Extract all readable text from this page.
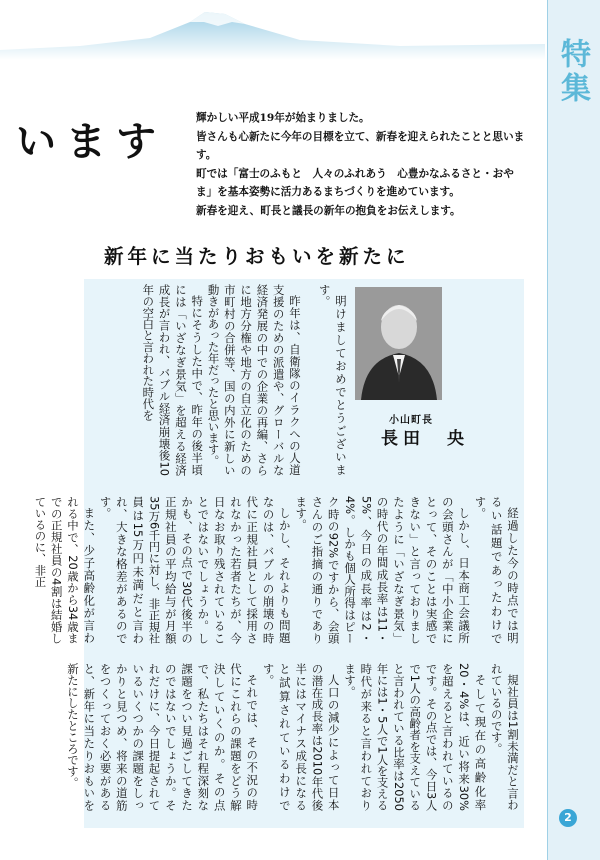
特集
います	輝かしい平成19年が始まりました。

皆さんも心新たに今年の目標を立て、新春を迎えられたことと思います。

町では「富士のふもと　人々のふれあう　心豊かなふるさと・おやま」を基本姿勢に活力あるまちづくりを進めています。

新春を迎え、町長と議長の新年の抱負をお伝えします。

新年に当たりおもいを新たに

明けましておめでとうございます。

昨年は、自衛隊のイラクへの人道支援のための派遣や、グローバルな経済発展の中での企業の再編、さらに地方分権や地方の自立化のための市町村の合併等、国の内外に新しい動きがあった年だったと思います。

特にそうした中で、昨年の後半頃には「いざなぎ景気」を超える経済成長が言われ、バブル経済崩壊後10年の空白と言われた時代を	小山町長
長田　央

経過した今の時点では明るい話題であったわけです。

しかし、日本商工会議所の会頭さんが「中小企業にとって、そのことは実感できない」と言っておりましたように「いざなぎ景気」の時代の年間成長率は11・5%、今日の成長率は2・4%。しかも個人所得はピーク時の92%ですから、会頭さんのご指摘の通りであります。

しかし、それよりも問題なのは、バブルの崩壊の時代に正規社員として採用されなかった若者たちが、今日なお取り残されていることではないでしょうか。しかも、その点で30代後半の正規社員の平均給与が月額35万6千円に対し、非正規社員は15万円未満だと言われ、大きな格差があるのです。

また、少子高齢化が言われる中で、20歳から34歳までの正規社員の4割は結婚しているのに、非正

規社員は1割未満だと言われているのです。

そして現在の高齢化率20・4%は、近い将来30%を超えると言われているのです。その点では、今日3人で1人の高齢者を支えていると言われている比率は2050年には1・5人で1人を支える時代が来ると言われております。

人口の減少によって日本の潜在成長率は2010年代後半にはマイナス成長になると試算されているわけです。

それでは、その不況の時代にこれらの課題をどう解決していくのか。その点で、私たちはそれ程深刻な課題をつい見過ごしてきたのではないでしょうか。それだけに、今日提起されているいくつかの課題をしっかりと見つめ、将来の道筋をつくっておく必要があると、新年に当たりおもいを新たにしたところです。

2
